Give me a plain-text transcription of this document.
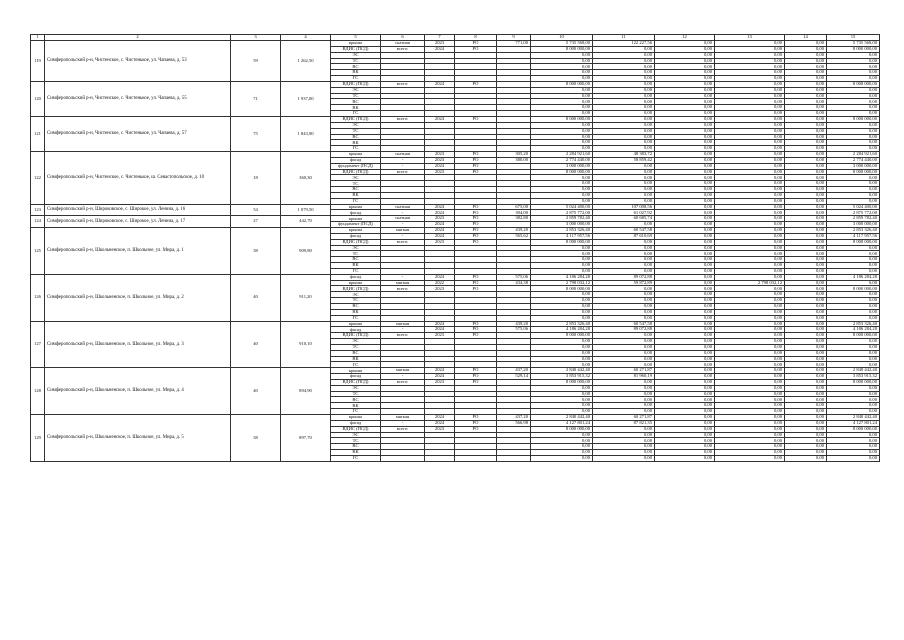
1	2	3	4	5	6	7	8	9	10	11	12	13	14	15
119	Симферопольский р-н, Чистенское, с. Чистенькое, ул. Чапаева, д. 53	59	1 262,50	крыша	скатная	2023	РО	771,00	5 735 568,00	122 227,56	0,00	0,00	0,00	5 735 568,00
				ВДИС (ПСД)	всего:	2024	РО		8 000 000,00	0,00	0,00	0,00	0,00	8 000 000,00
				ЭС					0,00	0,00	0,00	0,00	0,00	0,00
				ТС					0,00	0,00	0,00	0,00	0,00	0,00
				ВС					0,00	0,00	0,00	0,00	0,00	0,00
				ВК					0,00	0,00	0,00	0,00	0,00	0,00
				ГС					0,00	0,00	0,00	0,00	0,00	0,00
120	Симферопольский р-н, Чистенское, с. Чистенькое, ул. Чапаева, д. 55	71	1 937,00	ВДИС (ПСД)	всего:	2024	РО		8 000 000,00	0,00	0,00	0,00	0,00	8 000 000,00
				ЭС					0,00	0,00	0,00	0,00	0,00	0,00
				ТС					0,00	0,00	0,00	0,00	0,00	0,00
				ВС					0,00	0,00	0,00	0,00	0,00	0,00
				ВК					0,00	0,00	0,00	0,00	0,00	0,00
				ГС					0,00	0,00	0,00	0,00	0,00	0,00
121	Симферопольский р-н, Чистенское, с. Чистенькое, ул. Чапаева, д. 57	75	1 843,90	ВДИС (ПСД)	всего:	2024	РО		8 000 000,00	0,00	0,00	0,00	0,00	8 000 000,00
				ЭС					0,00	0,00	0,00	0,00	0,00	0,00
				ТС					0,00	0,00	0,00	0,00	0,00	0,00
				ВС					0,00	0,00	0,00	0,00	0,00	0,00
				ВК					0,00	0,00	0,00	0,00	0,00	0,00
				ГС					0,00	0,00	0,00	0,00	0,00	0,00
122	Симферопольский р-н, Чистенское, с. Чистенькое, ш. Севастопольское, д. 10	18	360,30	крыша	скатная	2023	РО	305,20	2 284 921,60	48 383,72	0,00	0,00	0,00	2 284 921,60
				фасад	-	2023	РО	380,00	2 774 440,00	58 859,42	0,00	0,00	0,00	2 774 440,00
				фундамент (ПСД)	-	2024	РО		3 000 000,00	0,00	0,00	0,00	0,00	3 000 000,00
				ВДИС (ПСД)	всего:	2023	РО		8 000 000,00	0,00	0,00	0,00	0,00	8 000 000,00
				ЭС					0,00	0,00	0,00	0,00	0,00	0,00
				ТС					0,00	0,00	0,00	0,00	0,00	0,00
				ВС					0,00	0,00	0,00	0,00	0,00	0,00
				ВК					0,00	0,00	0,00	0,00	0,00	0,00
				ГС					0,00	0,00	0,00	0,00	0,00	0,00
123	Симферопольский р-н, Широковское, с. Широкое, ул. Ленина, д. 16	54	1 079,50	крыша	скатная	2024	РО	675,00	5 024 400,00	107 008,56	0,00	0,00	0,00	5 024 400,00
				фасад	-	2024	РО	394,00	2 875 772,00	61 027,92	0,00	0,00	0,00	2 875 772,00
124	Симферопольский р-н, Широковское, с. Широкое, ул. Ленина, д. 17	27	442,70	крыша	скатная	2023	РО	382,80	2 859 782,40	60 685,74	0,00	0,00	0,00	2 859 782,40
				фундамент (ПСД)	-	2024	РО		3 000 000,00	0,00	0,00	0,00	0,00	3 000 000,00
125	Симферопольский р-н, Школьненское, п. Школьное, ул. Мира, д. 1	38	909,80	крыша	мягкая	2024	РО	439,20	2 853 326,40	60 547,58	0,00	0,00	0,00	2 853 326,40
				фасад	-	2024	РО	565,62	4 117 957,56	87 610,69	0,00	0,00	0,00	4 117 957,56
				ВДИС (ПСД)	всего:	2023	РО		8 000 000,00	0,00	0,00	0,00	0,00	8 000 000,00
				ЭС					0,00	0,00	0,00	0,00	0,00	0,00
				ТС					0,00	0,00	0,00	0,00	0,00	0,00
				ВС					0,00	0,00	0,00	0,00	0,00	0,00
				ВК					0,00	0,00	0,00	0,00	0,00	0,00
				ГС					0,00	0,00	0,00	0,00	0,00	0,00
126	Симферопольский р-н, Школьненское, п. Школьное, ул. Мира, д. 2	40	911,20	фасад	-	2024	РО	575,06	4 186 284,28	89 072,88	0,00	0,00	0,00	4 186 284,28
				крыша	мягкая	2022	РО	434,38	2 798 032,12	59 872,89	0,00	2 798 032,12	0,00	0,00
				ВДИС (ПСД)	всего:	2023	РО		8 000 000,00	0,00	0,00	0,00	0,00	8 000 000,00
				ЭС					0,00	0,00	0,00	0,00	0,00	0,00
				ТС					0,00	0,00	0,00	0,00	0,00	0,00
				ВС					0,00	0,00	0,00	0,00	0,00	0,00
				ВК					0,00	0,00	0,00	0,00	0,00	0,00
				ГС					0,00	0,00	0,00	0,00	0,00	0,00
127	Симферопольский р-н, Школьненское, п. Школьное, ул. Мира, д. 3	40	910,10	крыша	мягкая	2024	РО	439,20	2 853 326,40	60 547,58	0,00	0,00	0,00	2 853 326,40
				фасад	-	2024	РО	575,06	4 186 284,28	89 072,88	0,00	0,00	0,00	4 186 284,28
				ВДИС (ПСД)	всего:	2023	РО		8 000 000,00	0,00	0,00	0,00	0,00	8 000 000,00
				ЭС					0,00	0,00	0,00	0,00	0,00	0,00
				ТС					0,00	0,00	0,00	0,00	0,00	0,00
				ВС					0,00	0,00	0,00	0,00	0,00	0,00
				ВК					0,00	0,00	0,00	0,00	0,00	0,00
				ГС					0,00	0,00	0,00	0,00	0,00	0,00
128	Симферопольский р-н, Школьненское, п. Школьное, ул. Мира, д. 4	40	894,90	крыша	мягкая	2024	РО	437,20	2 840 442,40	60 271,87	0,00	0,00	0,00	2 840 442,40
				фасад	-	2024	РО	529,14	3 853 915,32	81 960,19	0,00	0,00	0,00	3 853 915,32
				ВДИС (ПСД)	всего:	2023	РО		8 000 000,00	0,00	0,00	0,00	0,00	8 000 000,00
				ЭС					0,00	0,00	0,00	0,00	0,00	0,00
				ТС					0,00	0,00	0,00	0,00	0,00	0,00
				ВС					0,00	0,00	0,00	0,00	0,00	0,00
				ВК					0,00	0,00	0,00	0,00	0,00	0,00
				ГС					0,00	0,00	0,00	0,00	0,00	0,00
129	Симферопольский р-н, Школьненское, п. Школьное, ул. Мира, д. 5	38	897,70	крыша	мягкая	2024	РО	437,20	2 840 442,40	60 271,87	0,00	0,00	0,00	2 840 442,40
				фасад	-	2024	РО	566,98	4 127 801,24	87 821,35	0,00	0,00	0,00	4 127 801,24
				ВДИС (ПСД)	всего:	2023	РО		8 000 000,00	0,00	0,00	0,00	0,00	8 000 000,00
				ЭС					0,00	0,00	0,00	0,00	0,00	0,00
				ТС					0,00	0,00	0,00	0,00	0,00	0,00
				ВС					0,00	0,00	0,00	0,00	0,00	0,00
				ВК					0,00	0,00	0,00	0,00	0,00	0,00
				ГС					0,00	0,00	0,00	0,00	0,00	0,00
